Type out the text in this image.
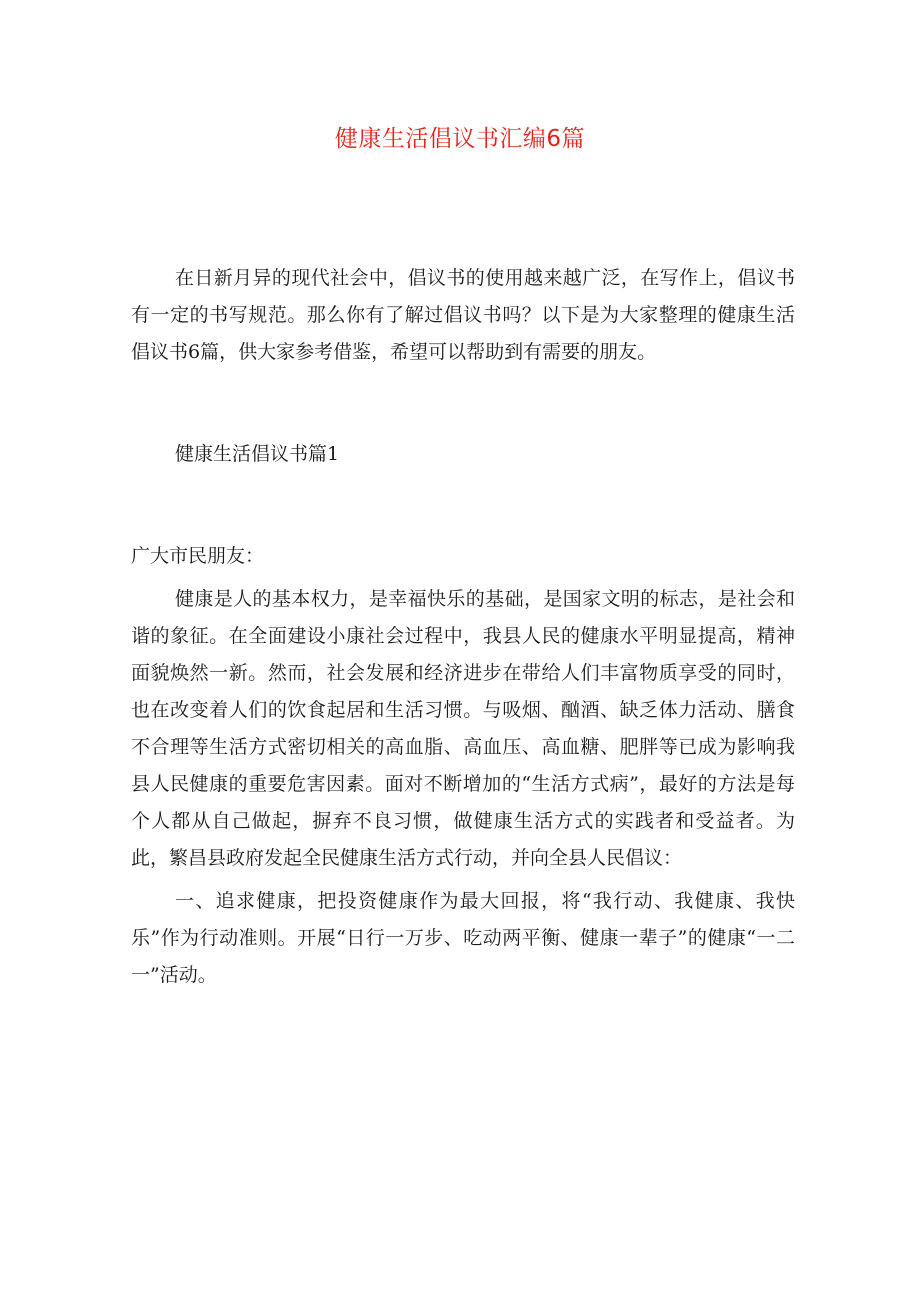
健康生活倡议书汇编6篇

在日新月异的现代社会中，倡议书的使用越来越广泛，在写作上，倡议书有一定的书写规范。那么你有了解过倡议书吗？以下是为大家整理的健康生活倡议书6篇，供大家参考借鉴，希望可以帮助到有需要的朋友。

健康生活倡议书篇1

广大市民朋友：

健康是人的基本权力，是幸福快乐的基础，是国家文明的标志，是社会和谐的象征。在全面建设小康社会过程中，我县人民的健康水平明显提高，精神面貌焕然一新。然而，社会发展和经济进步在带给人们丰富物质享受的同时，也在改变着人们的饮食起居和生活习惯。与吸烟、酗酒、缺乏体力活动、膳食不合理等生活方式密切相关的高血脂、高血压、高血糖、肥胖等已成为影响我县人民健康的重要危害因素。面对不断增加的“生活方式病”，最好的方法是每个人都从自己做起，摒弃不良习惯，做健康生活方式的实践者和受益者。为此，繁昌县政府发起全民健康生活方式行动，并向全县人民倡议：

一、追求健康，把投资健康作为最大回报，将“我行动、我健康、我快乐”作为行动准则。开展“日行一万步、吃动两平衡、健康一辈子”的健康“一二一”活动。
